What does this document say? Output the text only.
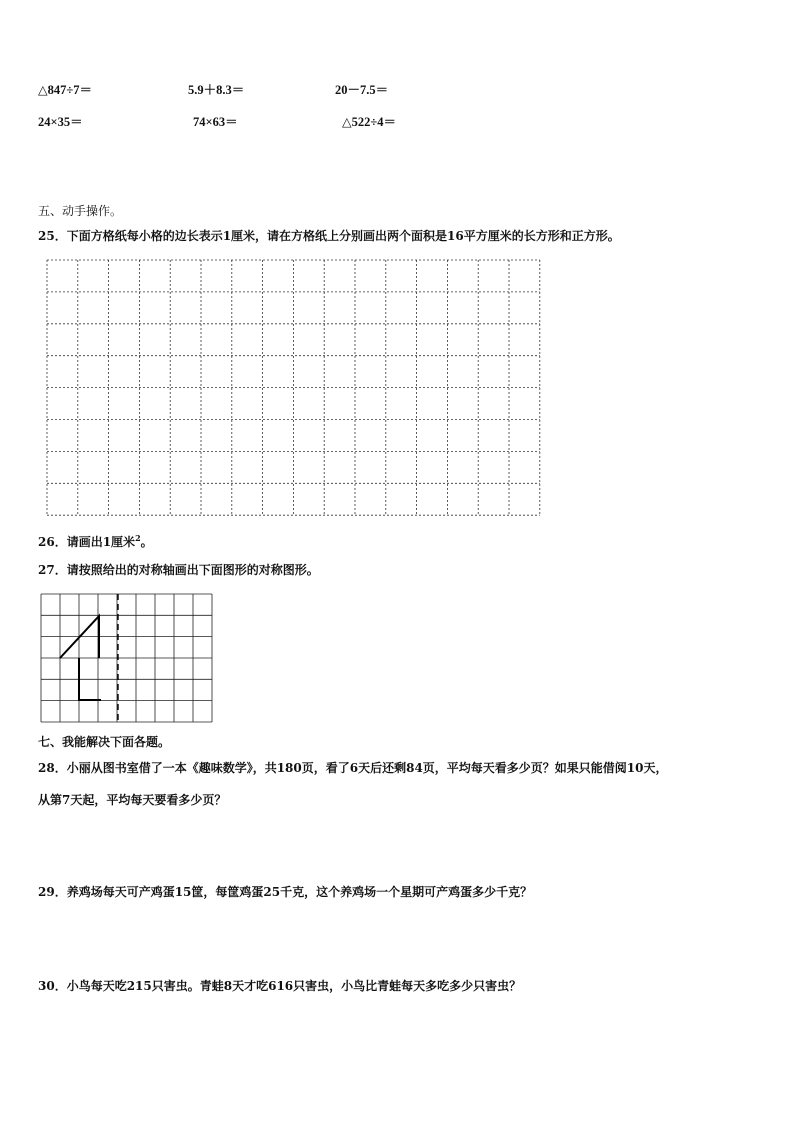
△847÷7＝	5.9＋8.3＝	20－7.5＝
24×35＝	74×63＝	△522÷4＝
五、动手操作。
25．下面方格纸每小格的边长表示1厘米，请在方格纸上分别画出两个面积是16平方厘米的长方形和正方形。
26．请画出1厘米$^2$。
27．请按照给出的对称轴画出下面图形的对称图形。
七、我能解决下面各题。
28．小丽从图书室借了一本《趣味数学》，共180页，看了6天后还剩84页，平均每天看多少页？如果只能借阅10天，
从第7天起，平均每天要看多少页？
29．养鸡场每天可产鸡蛋15筐，每筐鸡蛋25千克，这个养鸡场一个星期可产鸡蛋多少千克？
30．小鸟每天吃215只害虫。青蛙8天才吃616只害虫，小鸟比青蛙每天多吃多少只害虫？
